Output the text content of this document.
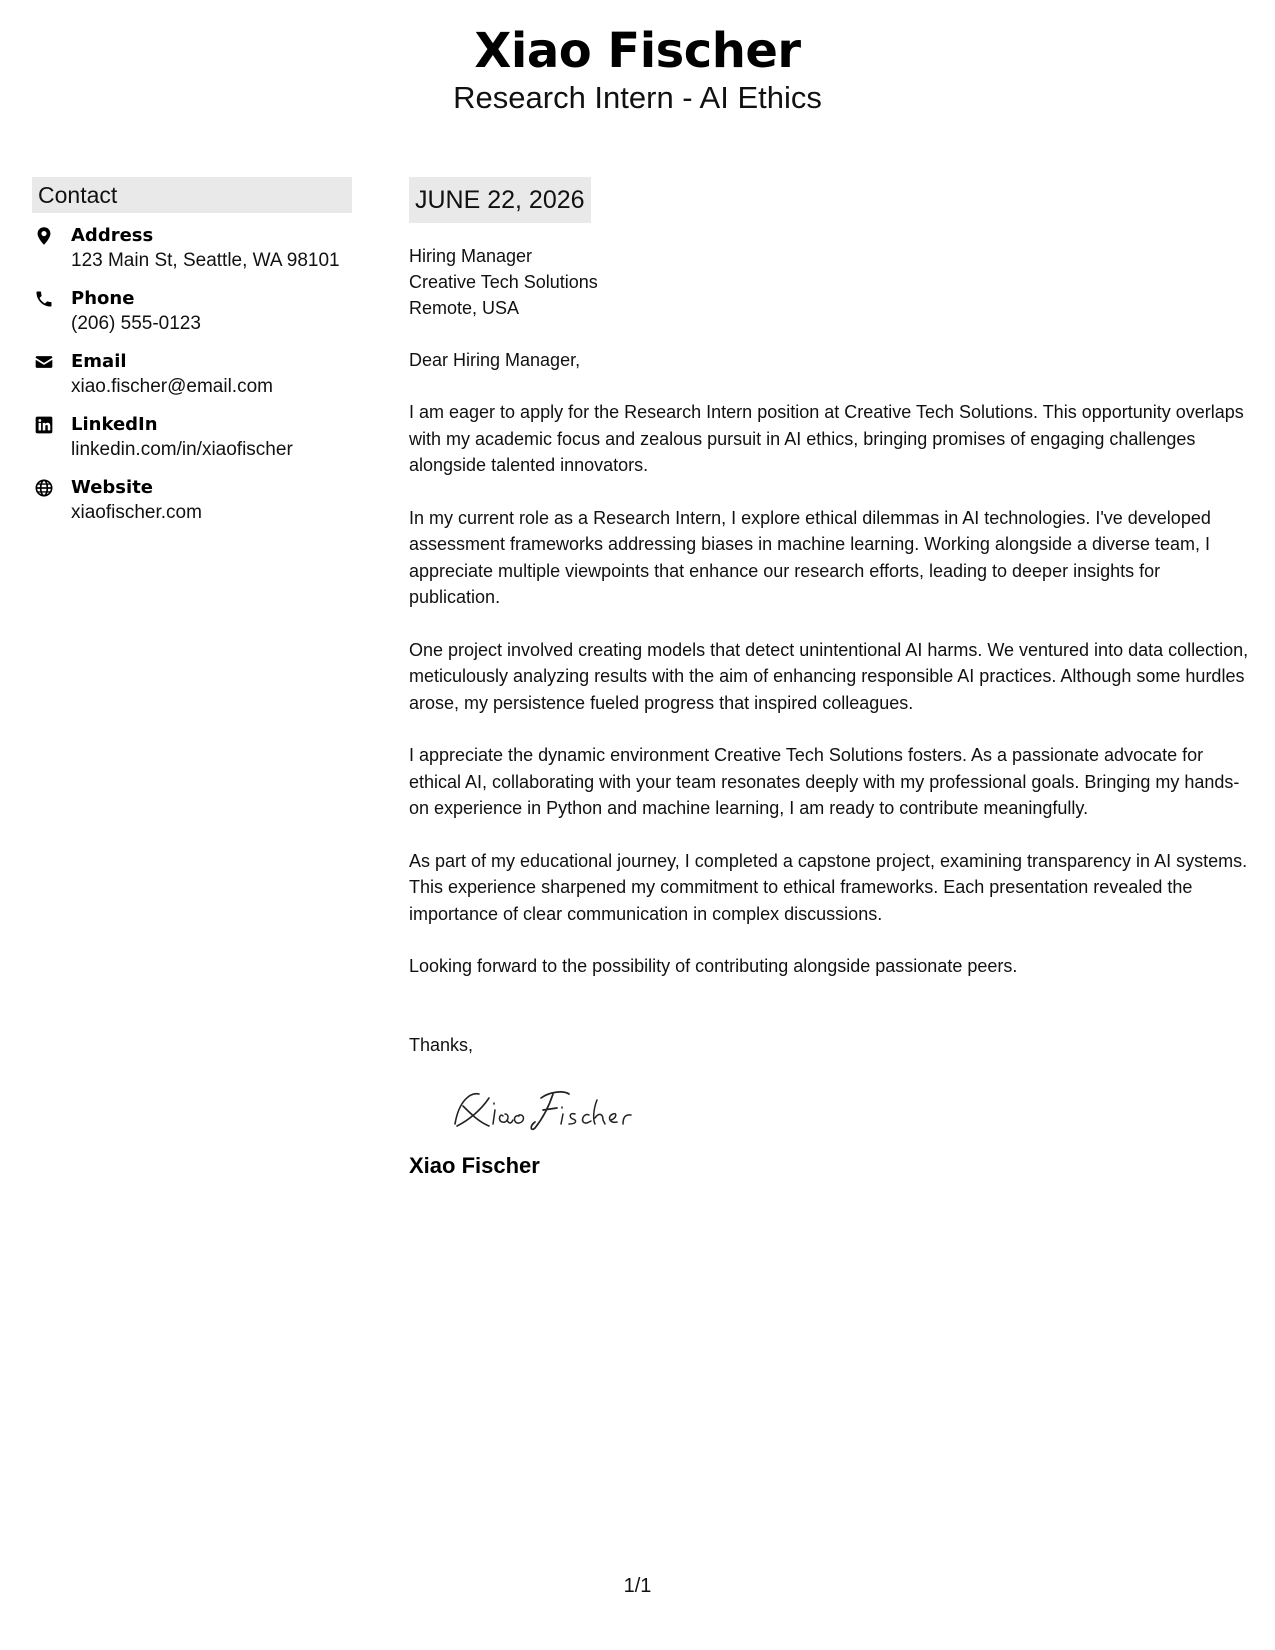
Xiao Fischer
Research Intern - AI Ethics
Contact
Address
123 Main St, Seattle, WA 98101
Phone
(206) 555-0123
Email
xiao.fischer@email.com
LinkedIn
linkedin.com/in/xiaofischer
Website
xiaofischer.com
JUNE 22, 2026
Hiring Manager
Creative Tech Solutions
Remote, USA
Dear Hiring Manager,
I am eager to apply for the Research Intern position at Creative Tech Solutions. This opportunity overlaps with my academic focus and zealous pursuit in AI ethics, bringing promises of engaging challenges alongside talented innovators.
In my current role as a Research Intern, I explore ethical dilemmas in AI technologies. I've developed assessment frameworks addressing biases in machine learning. Working alongside a diverse team, I appreciate multiple viewpoints that enhance our research efforts, leading to deeper insights for publication.
One project involved creating models that detect unintentional AI harms. We ventured into data collection, meticulously analyzing results with the aim of enhancing responsible AI practices. Although some hurdles arose, my persistence fueled progress that inspired colleagues.
I appreciate the dynamic environment Creative Tech Solutions fosters. As a passionate advocate for ethical AI, collaborating with your team resonates deeply with my professional goals. Bringing my hands-on experience in Python and machine learning, I am ready to contribute meaningfully.
As part of my educational journey, I completed a capstone project, examining transparency in AI systems. This experience sharpened my commitment to ethical frameworks. Each presentation revealed the importance of clear communication in complex discussions.
Looking forward to the possibility of contributing alongside passionate peers.
Thanks,
Xiao Fischer
1/1
